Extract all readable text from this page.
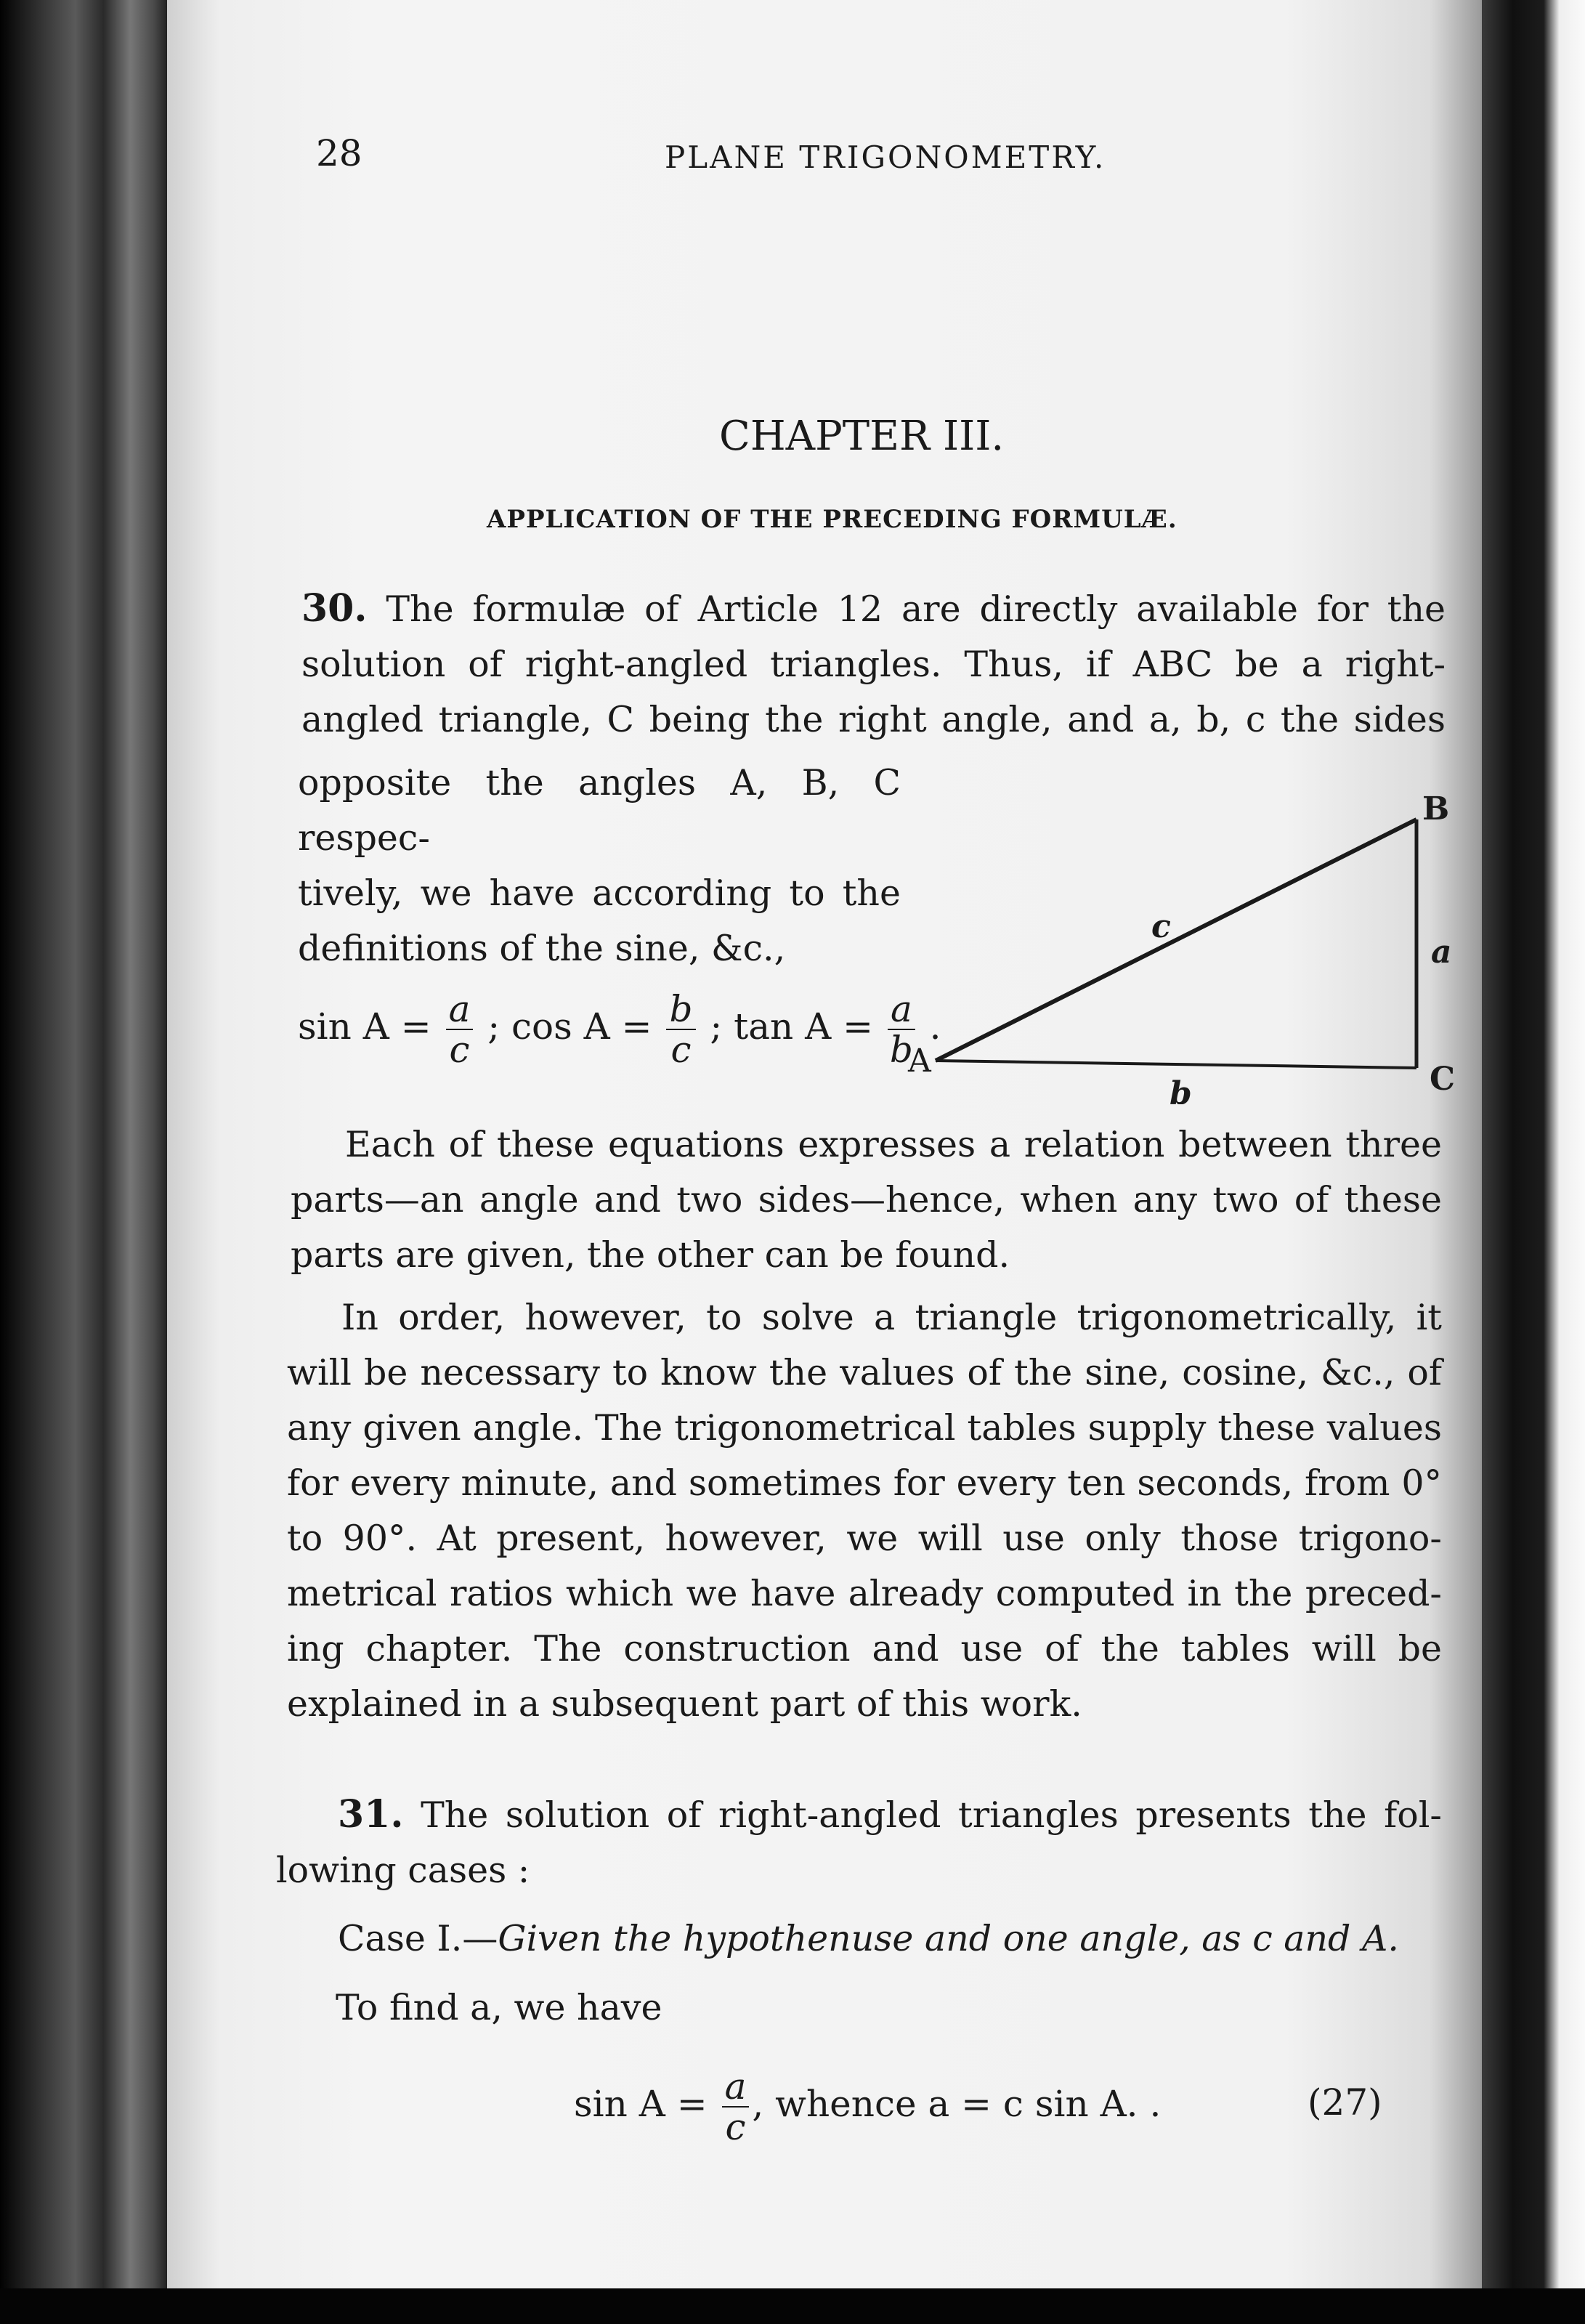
28	PLANE TRIGONOMETRY.
CHAPTER III.
APPLICATION OF THE PRECEDING FORMULÆ.
30. The formulæ of Article 12 are directly available for the
solution of right-angled triangles. Thus, if ABC be a right-
angled triangle, C being the right angle, and a, b, c the sides
opposite the angles A, B, C respec-
tively, we have according to the
definitions of the sine, &c.,
$\sin A = \frac{a}{c}$ ; $\cos A = \frac{b}{c}$ ; $\tan A = \frac{a}{b}$ .
A
B
C
a
b
c
Each of these equations expresses a relation between three
parts—an angle and two sides—hence, when any two of these
parts are given, the other can be found.
In order, however, to solve a triangle trigonometrically, it
will be necessary to know the values of the sine, cosine, &c., of
any given angle. The trigonometrical tables supply these values
for every minute, and sometimes for every ten seconds, from 0°
to 90°. At present, however, we will use only those trigono-
metrical ratios which we have already computed in the preced-
ing chapter. The construction and use of the tables will be
explained in a subsequent part of this work.
31. The solution of right-angled triangles presents the fol-
lowing cases :
Case I.—Given the hypothenuse and one angle, as c and A.
To find a, we have
$\sin A = \frac{a}{c}$ , whence a = c sin A. .	(27)
